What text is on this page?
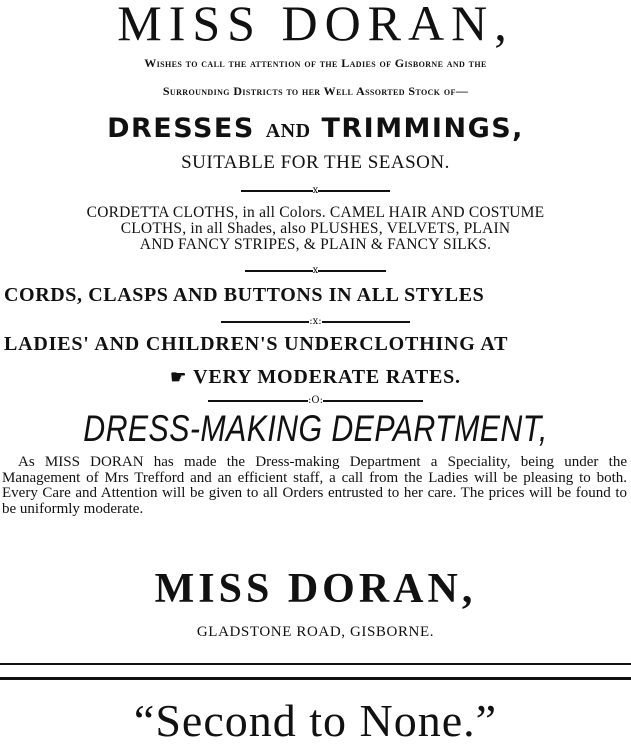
MISS DORAN,
Wishes to call the attention of the Ladies of Gisborne and the
Surrounding Districts to her Well Assorted Stock of—
DRESSES AND TRIMMINGS,
SUITABLE FOR THE SEASON.
x
CORDETTA CLOTHS, in all Colors. CAMEL HAIR AND COSTUME
CLOTHS, in all Shades, also PLUSHES, VELVETS, PLAIN
AND FANCY STRIPES, & PLAIN & FANCY SILKS.
x
CORDS, CLASPS AND BUTTONS IN ALL STYLES
:x:
LADIES' AND CHILDREN'S UNDERCLOTHING AT
☛ VERY MODERATE RATES.
:O:
DRESS-MAKING DEPARTMENT,
As MISS DORAN has made the Dress-making Department a Speciality, being under the Management of Mrs Trefford and an efficient staff, a call from the Ladies will be pleasing to both. Every Care and Attention will be given to all Orders entrusted to her care. The prices will be found to be uniformly moderate.
MISS DORAN,
GLADSTONE ROAD, GISBORNE.
“Second to None.”
